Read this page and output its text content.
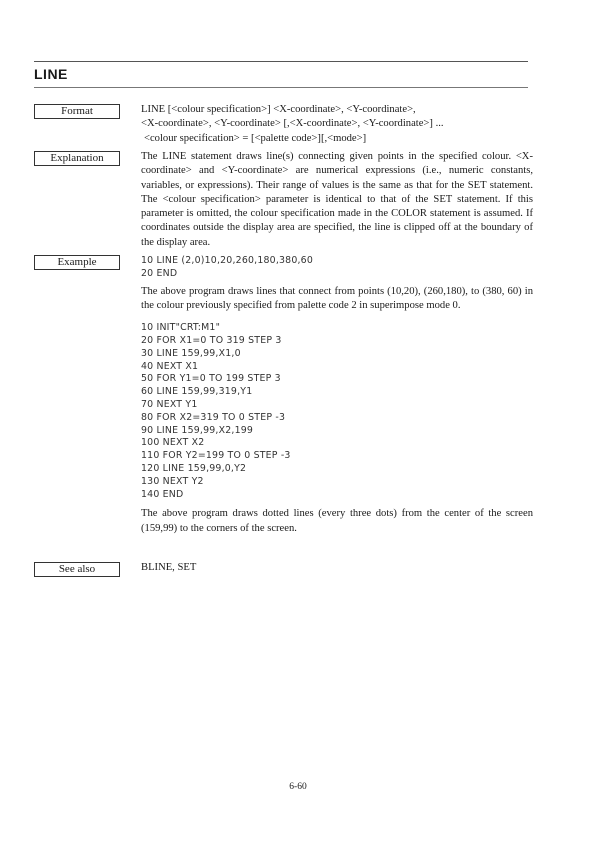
LINE
Format	LINE [<colour specification>] <X-coordinate>, <Y-coordinate>,

<X-coordinate>, <Y-coordinate> [,<X-coordinate>, <Y-coordinate>] ...

<colour specification> = [<palette code>][,<mode>]

Explanation	The LINE statement draws line(s) connecting given points in the specified colour. <X-coordinate> and <Y-coordinate> are numerical expressions (i.e., numeric constants, variables, or expressions). Their range of values is the same as that for the SET statement. The <colour specification> parameter is identical to that of the SET statement. If this parameter is omitted, the colour specification made in the COLOR statement is assumed. If coordinates outside the display area are specified, the line is clipped off at the boundary of the display area.

Example	10 LINE (2,0)10,20,260,180,380,60
20 END

The above program draws lines that connect from points (10,20), (260,180), to (380, 60) in the colour previously specified from palette code 2 in superimpose mode 0.

10 INIT"CRT:M1"
20 FOR X1=0 TO 319 STEP 3
30 LINE 159,99,X1,0
40 NEXT X1
50 FOR Y1=0 TO 199 STEP 3
60 LINE 159,99,319,Y1
70 NEXT Y1
80 FOR X2=319 TO 0 STEP -3
90 LINE 159,99,X2,199
100 NEXT X2
110 FOR Y2=199 TO 0 STEP -3
120 LINE 159,99,0,Y2
130 NEXT Y2
140 END

The above program draws dotted lines (every three dots) from the center of the screen (159,99) to the corners of the screen.

See also	BLINE, SET

6-60
